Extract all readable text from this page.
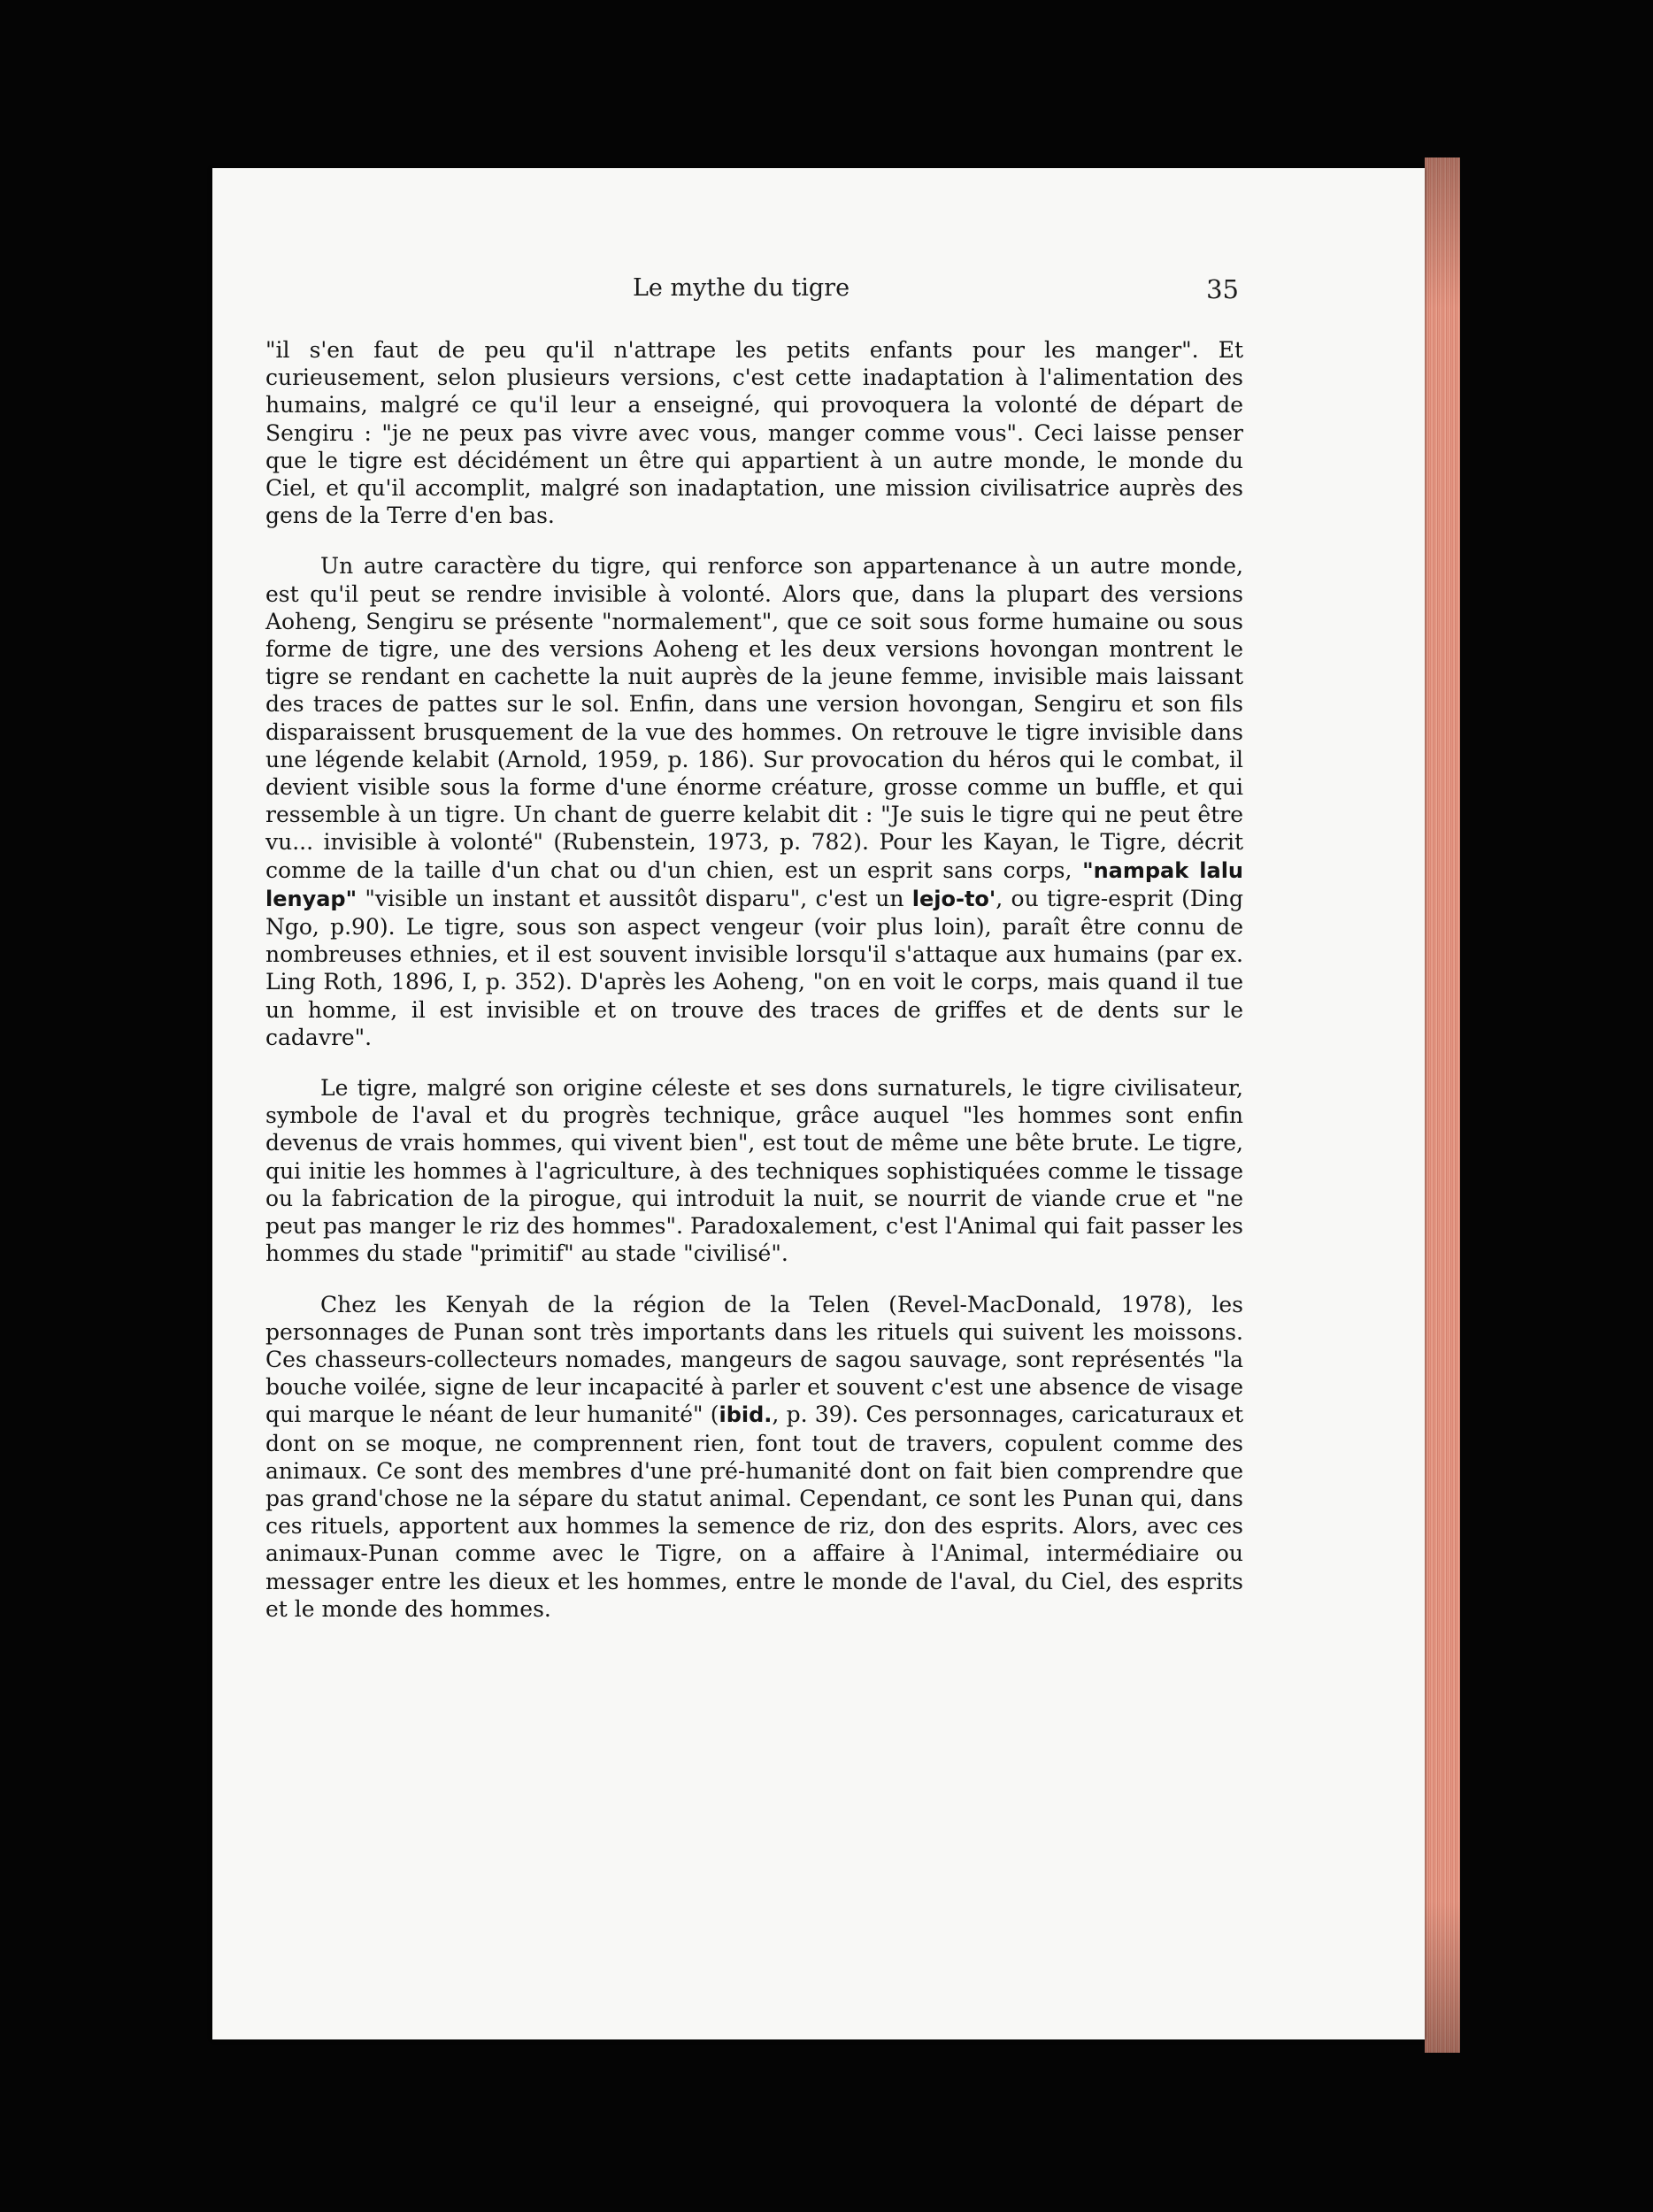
Le mythe du tigre	35

"il s'en faut de peu qu'il n'attrape les petits enfants pour les manger". Et curieusement, selon plusieurs versions, c'est cette inadaptation à l'alimentation des humains, malgré ce qu'il leur a enseigné, qui provoquera la volonté de départ de Sengiru : "je ne peux pas vivre avec vous, manger comme vous". Ceci laisse penser que le tigre est décidément un être qui appartient à un autre monde, le monde du Ciel, et qu'il accomplit, malgré son inadaptation, une mission civilisatrice auprès des gens de la Terre d'en bas.

Un autre caractère du tigre, qui renforce son appartenance à un autre monde, est qu'il peut se rendre invisible à volonté. Alors que, dans la plupart des versions Aoheng, Sengiru se présente "normalement", que ce soit sous forme humaine ou sous forme de tigre, une des versions Aoheng et les deux versions hovongan montrent le tigre se rendant en cachette la nuit auprès de la jeune femme, invisible mais laissant des traces de pattes sur le sol. Enfin, dans une version hovongan, Sengiru et son fils disparaissent brusquement de la vue des hommes. On retrouve le tigre invisible dans une légende kelabit (Arnold, 1959, p. 186). Sur provocation du héros qui le combat, il devient visible sous la forme d'une énorme créature, grosse comme un buffle, et qui ressemble à un tigre. Un chant de guerre kelabit dit : "Je suis le tigre qui ne peut être vu... invisible à volonté" (Rubenstein, 1973, p. 782). Pour les Kayan, le Tigre, décrit comme de la taille d'un chat ou d'un chien, est un esprit sans corps, "nampak lalu lenyap" "visible un instant et aussitôt disparu", c'est un lejo-to', ou tigre-esprit (Ding Ngo, p.90). Le tigre, sous son aspect vengeur (voir plus loin), paraît être connu de nombreuses ethnies, et il est souvent invisible lorsqu'il s'attaque aux humains (par ex. Ling Roth, 1896, I, p. 352). D'après les Aoheng, "on en voit le corps, mais quand il tue un homme, il est invisible et on trouve des traces de griffes et de dents sur le cadavre".

Le tigre, malgré son origine céleste et ses dons surnaturels, le tigre civilisateur, symbole de l'aval et du progrès technique, grâce auquel "les hommes sont enfin devenus de vrais hommes, qui vivent bien", est tout de même une bête brute. Le tigre, qui initie les hommes à l'agriculture, à des techniques sophistiquées comme le tissage ou la fabrication de la pirogue, qui introduit la nuit, se nourrit de viande crue et "ne peut pas manger le riz des hommes". Paradoxalement, c'est l'Animal qui fait passer les hommes du stade "primitif" au stade "civilisé".

Chez les Kenyah de la région de la Telen (Revel-MacDonald, 1978), les personnages de Punan sont très importants dans les rituels qui suivent les moissons. Ces chasseurs-collecteurs nomades, mangeurs de sagou sauvage, sont représentés "la bouche voilée, signe de leur incapacité à parler et souvent c'est une absence de visage qui marque le néant de leur humanité" (ibid., p. 39). Ces personnages, caricaturaux et dont on se moque, ne comprennent rien, font tout de travers, copulent comme des animaux. Ce sont des membres d'une pré-humanité dont on fait bien comprendre que pas grand'chose ne la sépare du statut animal. Cependant, ce sont les Punan qui, dans ces rituels, apportent aux hommes la semence de riz, don des esprits. Alors, avec ces animaux-Punan comme avec le Tigre, on a affaire à l'Animal, intermédiaire ou messager entre les dieux et les hommes, entre le monde de l'aval, du Ciel, des esprits et le monde des hommes.
